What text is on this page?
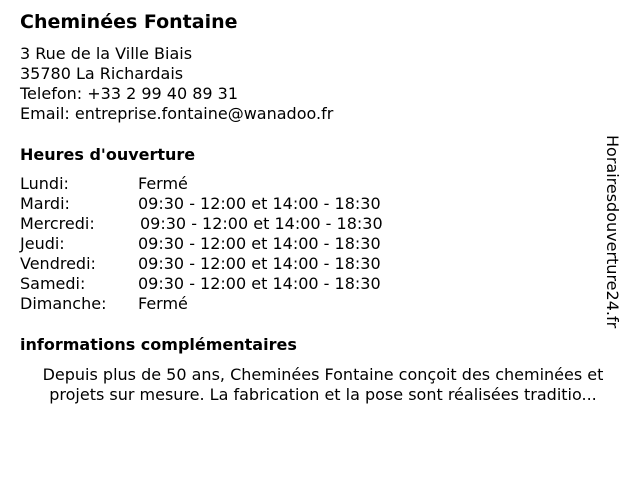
Cheminées Fontaine
3 Rue de la Ville Biais
35780 La Richardais
Telefon: +33 2 99 40 89 31
Email: entreprise.fontaine@wanadoo.fr
Heures d'ouverture
Lundi:	Fermé
Mardi:	09:30 - 12:00 et 14:00 - 18:30
Mercredi:	09:30 - 12:00 et 14:00 - 18:30
Jeudi:	09:30 - 12:00 et 14:00 - 18:30
Vendredi:	09:30 - 12:00 et 14:00 - 18:30
Samedi:	09:30 - 12:00 et 14:00 - 18:30
Dimanche: Fermé
informations complémentaires
Depuis plus de 50 ans, Cheminées Fontaine conçoit des cheminées et
projets sur mesure. La fabrication et la pose sont réalisées traditio...
Horairesdouverture24.fr
